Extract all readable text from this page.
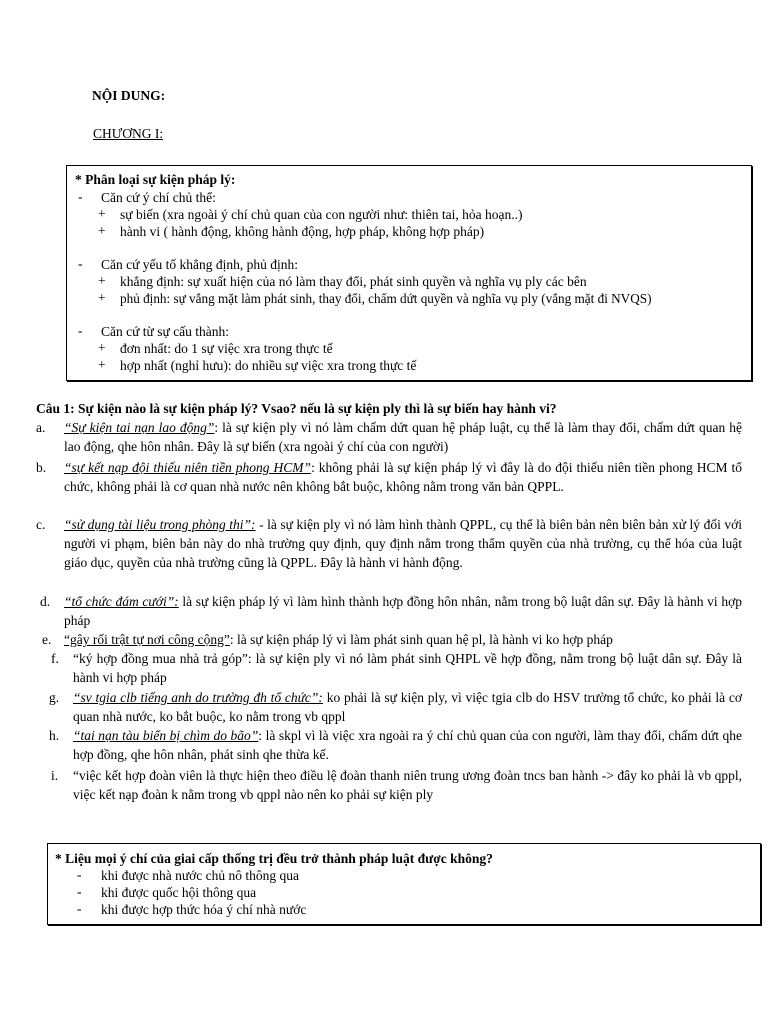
NỘI DUNG:
CHƯƠNG I:
* Phân loại sự kiện pháp lý:
- Căn cứ ý chí chủ thể:
+ sự biến (xra ngoài ý chí chủ quan của con người như: thiên tai, hỏa hoạn..)
+ hành vi ( hành động, không hành động, hợp pháp, không hợp pháp)
- Căn cứ yếu tố khẳng định, phủ định:
+ khẳng định: sự xuất hiện của nó làm thay đổi, phát sinh quyền và nghĩa vụ ply các bên
+ phủ định: sự vắng mặt làm phát sinh, thay đổi, chấm dứt quyền và nghĩa vụ ply (vắng mặt đi NVQS)
- Căn cứ từ sự cấu thành:
+ đơn nhất: do 1 sự việc xra trong thực tế
+ hợp nhất (nghỉ hưu): do nhiều sự việc xra trong thực tế
Câu 1: Sự kiện nào là sự kiện pháp lý? Vsao? nếu là sự kiện ply thì là sự biến hay hành vi?
a. “Sự kiện tai nạn lao động”: là sự kiện ply vì nó làm chấm dứt quan hệ pháp luật, cụ thể là làm thay đổi, chấm dứt quan hệ lao động, qhe hôn nhân. Đây là sự biến (xra ngoài ý chí của con người)
b. “sự kết nạp đội thiếu niên tiền phong HCM”: không phải là sự kiện pháp lý vì đây là do đội thiếu niên tiền phong HCM tổ chức, không phải là cơ quan nhà nước nên không bắt buộc, không nằm trong văn bản QPPL.
c. “sử dụng tài liệu trong phòng thi”: - là sự kiện ply vì nó làm hình thành QPPL, cụ thể là biên bản nên biên bản xử lý đối với người vi phạm, biên bản này do nhà trường quy định, quy định nằm trong thẩm quyền của nhà trường, cụ thể hóa của luật giáo dục, quyền của nhà trường cũng là QPPL. Đây là hành vi hành động.
d. “tổ chức đám cưới”: là sự kiện pháp lý vì làm hình thành hợp đồng hôn nhân, nằm trong bộ luật dân sự. Đây là hành vi hợp pháp
e. “gây rối trật tự nơi công cộng”: là sự kiện pháp lý vì làm phát sinh quan hệ pl, là hành vi ko hợp pháp
f. “ký hợp đồng mua nhà trả góp”: là sự kiện ply vì nó làm phát sinh QHPL về hợp đồng, nằm trong bộ luật dân sự. Đây là hành vi hợp pháp
g. “sv tgia clb tiếng anh do trường đh tổ chức”: ko phải là sự kiện ply, vì việc tgia clb do HSV trường tổ chức, ko phải là cơ quan nhà nước, ko bắt buộc, ko nằm trong vb qppl
h. “tai nạn tàu biển bị chìm do bão”: là skpl vì là việc xra ngoài ra ý chí chủ quan của con người, làm thay đổi, chấm dứt qhe hợp đồng, qhe hôn nhân, phát sinh qhe thừa kế.
i. “việc kết hợp đoàn viên là thực hiện theo điều lệ đoàn thanh niên trung ương đoàn tncs ban hành -> đây ko phải là vb qppl, việc kết nạp đoàn k nằm trong vb qppl nào nên ko phải sự kiện ply
* Liệu mọi ý chí của giai cấp thống trị đều trở thành pháp luật được không?
- khi được nhà nước chủ nô thông qua
- khi được quốc hội thông qua
- khi được hợp thức hóa ý chí nhà nước
